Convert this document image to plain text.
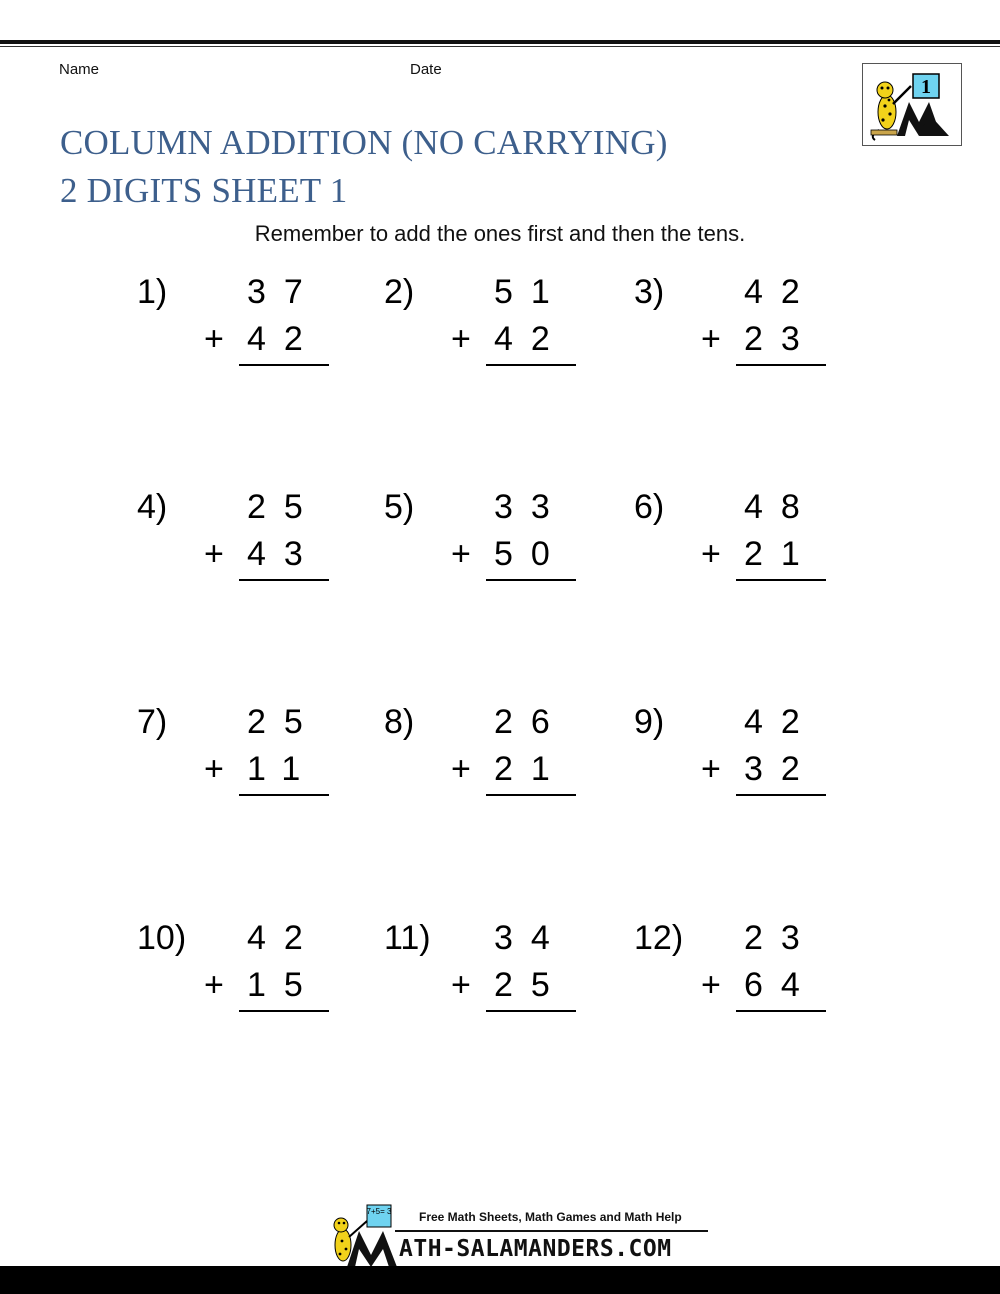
Name	Date
1
COLUMN ADDITION (NO CARRYING)
2 DIGITS SHEET 1
Remember to add the ones first and then the tens.
1) 37
+ 42
2) 51
+ 42
3) 42
+ 23
4) 25
+ 43
5) 33
+ 50
6) 48
+ 21
7) 25
+ 11
8) 26
+ 21
9) 42
+ 32
10) 42
+ 15
11) 34
+ 25
12) 23
+ 64
7+5= 3 Free Math Sheets, Math Games and Math Help
ATH-SALAMANDERS.COM
